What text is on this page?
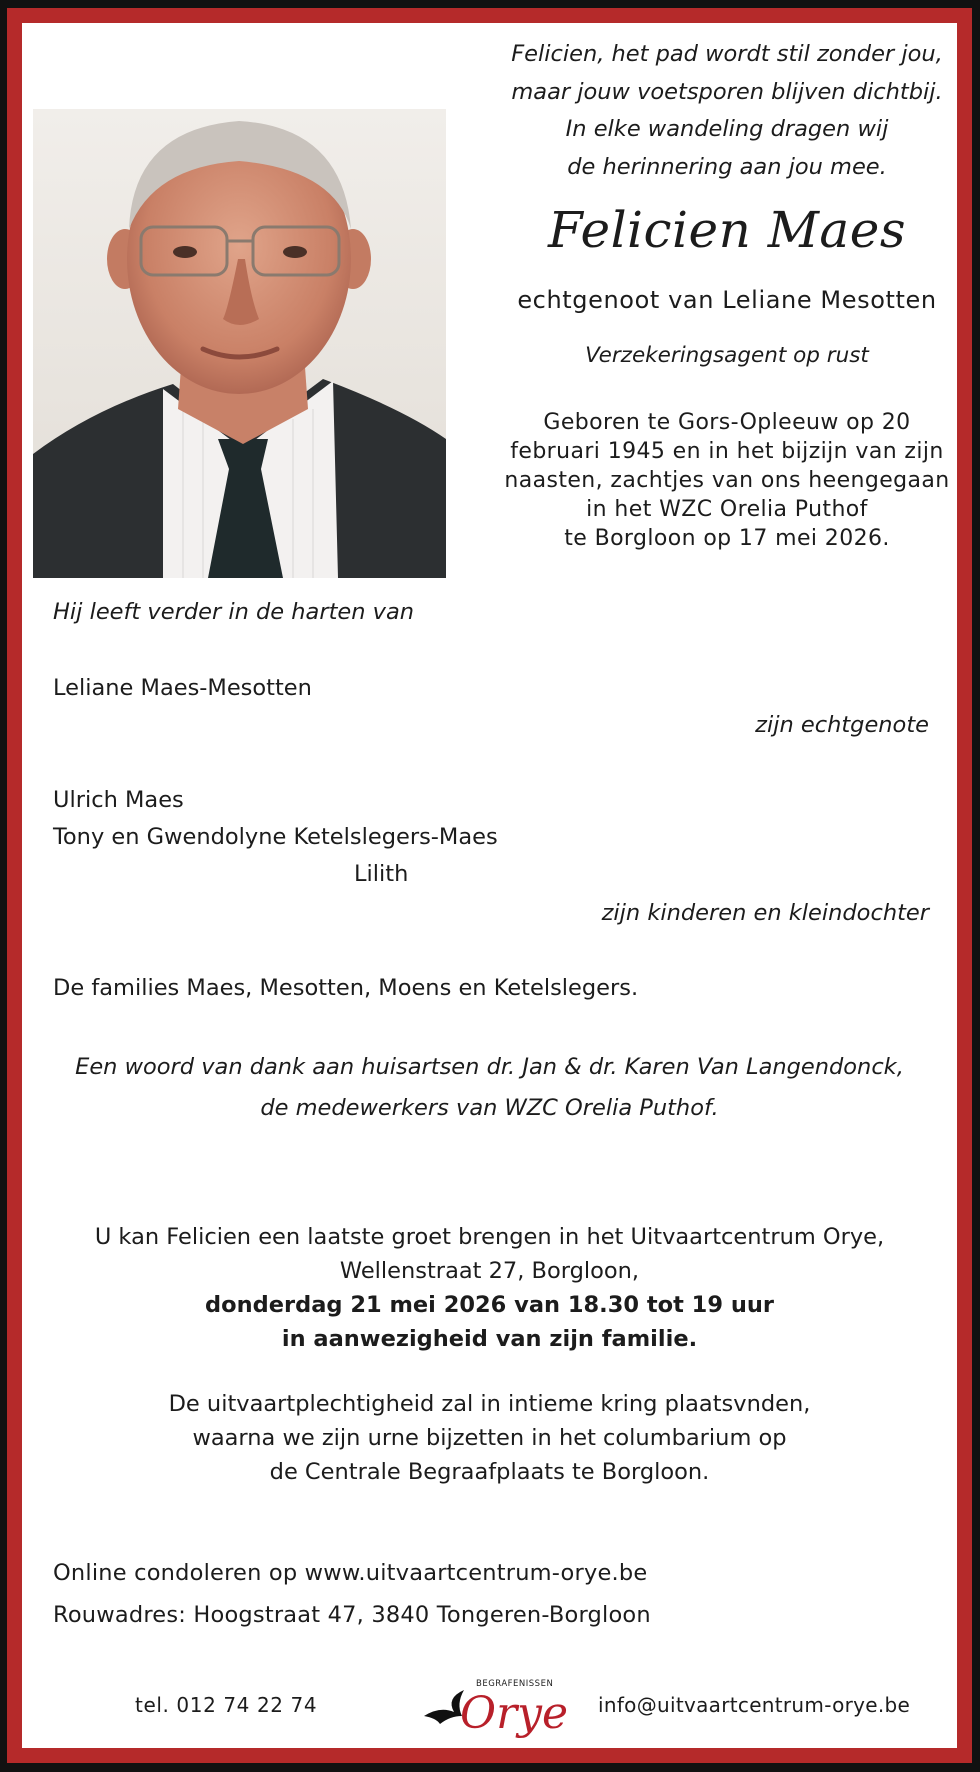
Felicien, het pad wordt stil zonder jou,
maar jouw voetsporen blijven dichtbij.
In elke wandeling dragen wij
de herinnering aan jou mee.
Felicien Maes
echtgenoot van Leliane Mesotten
Verzekeringsagent op rust
Geboren te Gors-Opleeuw op 20
februari 1945 en in het bijzijn van zijn
naasten, zachtjes van ons heengegaan
in het WZC Orelia Puthof
te Borgloon op 17 mei 2026.
Hij leeft verder in de harten van
Leliane Maes-Mesotten
zijn echtgenote
Ulrich Maes
Tony en Gwendolyne Ketelslegers-Maes
Lilith
zijn kinderen en kleindochter
De families Maes, Mesotten, Moens en Ketelslegers.
Een woord van dank aan huisartsen dr. Jan & dr. Karen Van Langendonck,
de medewerkers van WZC Orelia Puthof.
U kan Felicien een laatste groet brengen in het Uitvaartcentrum Orye,
Wellenstraat 27, Borgloon,
donderdag 21 mei 2026 van 18.30 tot 19 uur
in aanwezigheid van zijn familie.
De uitvaartplechtigheid zal in intieme kring plaatsvnden,
waarna we zijn urne bijzetten in het columbarium op
de Centrale Begraafplaats te Borgloon.
Online condoleren op www.uitvaartcentrum-orye.be
Rouwadres: Hoogstraat 47, 3840 Tongeren-Borgloon
tel. 012 74 22 74	info@uitvaartcentrum-orye.be
BEGRAFENISSEN
Orye
